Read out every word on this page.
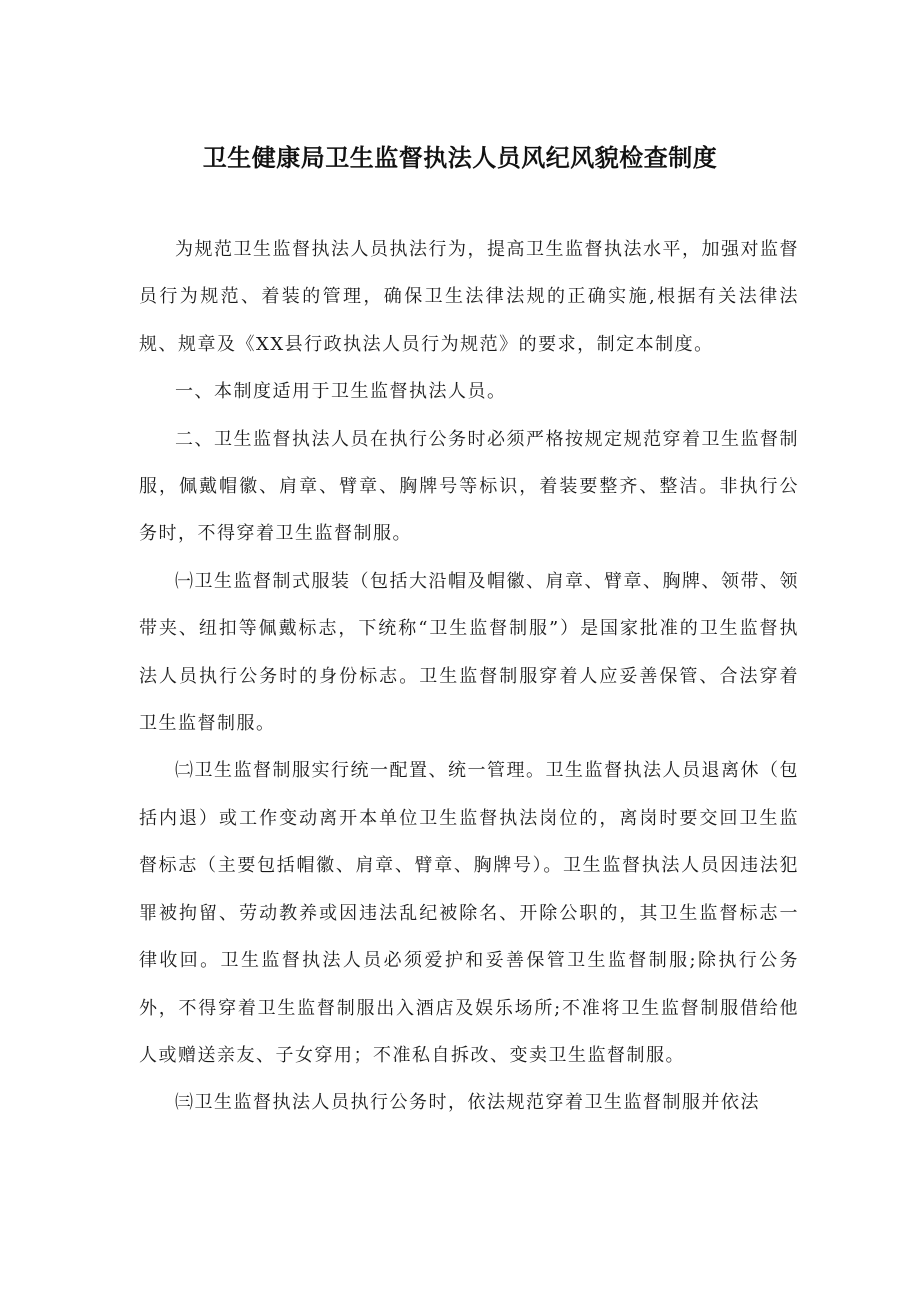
卫生健康局卫生监督执法人员风纪风貌检查制度

为规范卫生监督执法人员执法行为，提高卫生监督执法水平，加强对监督员行为规范、着装的管理，确保卫生法律法规的正确实施,根据有关法律法规、规章及《XX县行政执法人员行为规范》的要求，制定本制度。

一、本制度适用于卫生监督执法人员。

二、卫生监督执法人员在执行公务时必须严格按规定规范穿着卫生监督制服，佩戴帽徽、肩章、臂章、胸牌号等标识，着装要整齐、整洁。非执行公务时，不得穿着卫生监督制服。

㈠卫生监督制式服装（包括大沿帽及帽徽、肩章、臂章、胸牌、领带、领带夹、纽扣等佩戴标志，下统称“卫生监督制服”）是国家批准的卫生监督执法人员执行公务时的身份标志。卫生监督制服穿着人应妥善保管、合法穿着卫生监督制服。

㈡卫生监督制服实行统一配置、统一管理。卫生监督执法人员退离休（包括内退）或工作变动离开本单位卫生监督执法岗位的，离岗时要交回卫生监督标志（主要包括帽徽、肩章、臂章、胸牌号）。卫生监督执法人员因违法犯罪被拘留、劳动教养或因违法乱纪被除名、开除公职的，其卫生监督标志一律收回。卫生监督执法人员必须爱护和妥善保管卫生监督制服;除执行公务外，不得穿着卫生监督制服出入酒店及娱乐场所;不准将卫生监督制服借给他人或赠送亲友、子女穿用；不准私自拆改、变卖卫生监督制服。

㈢卫生监督执法人员执行公务时，依法规范穿着卫生监督制服并依法
